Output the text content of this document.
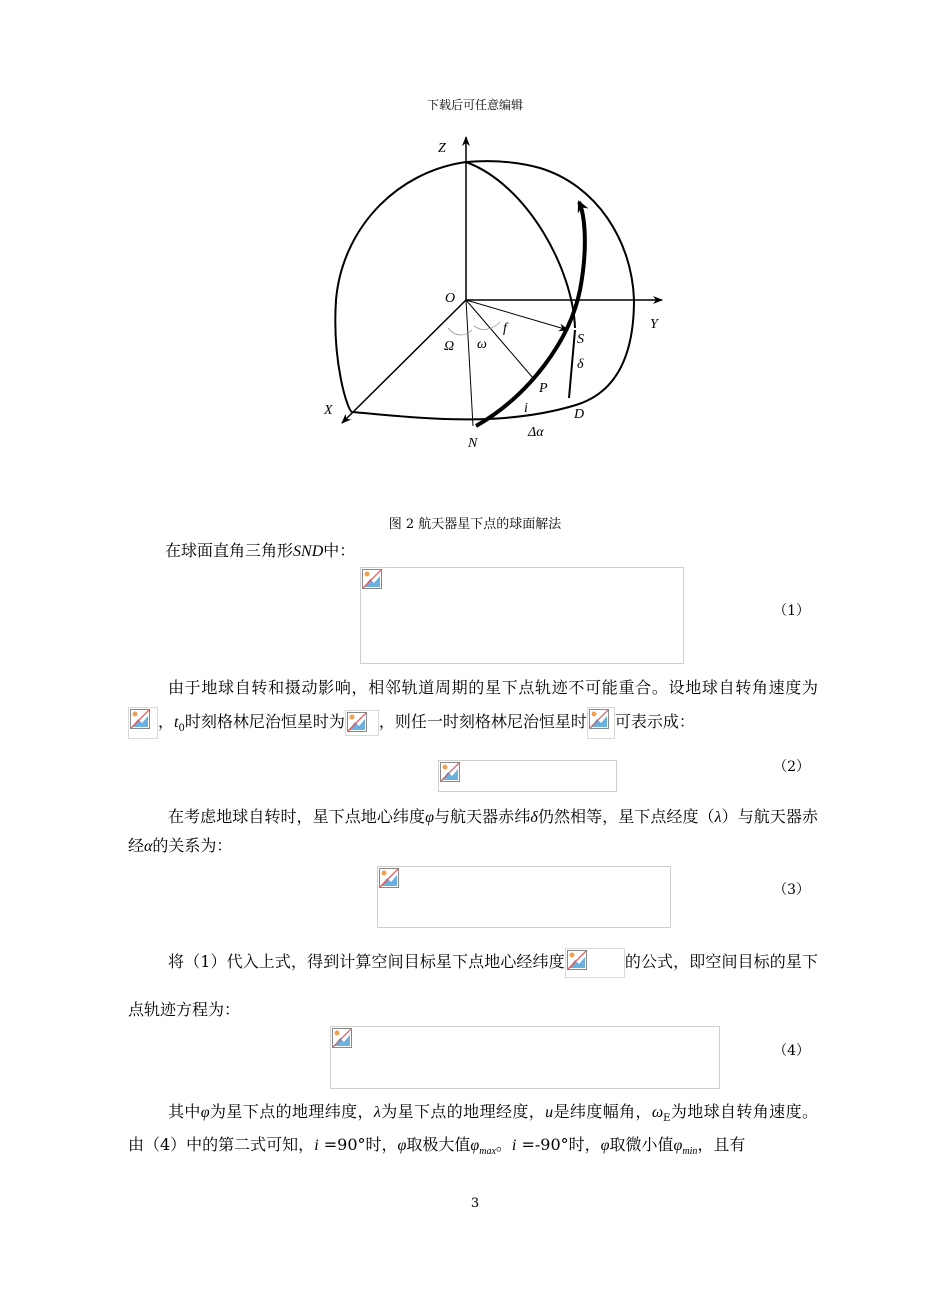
下载后可任意编辑
Z
O
Y
X
f
S
Ω ω
δ
P
i	D
N
Δα
图 2 航天器星下点的球面解法
在球面直角三角形SND中：
（1）
由于地球自转和摄动影响，相邻轨道周期的星下点轨迹不可能重合。设地球自转角速度为
，$t_0$时刻格林尼治恒星时为 ，则任一时刻格林尼治恒星时 可表示成：
（2）
在考虑地球自转时，星下点地心纬度φ与航天器赤纬δ仍然相等，星下点经度（λ）与航天器赤经α的关系为：
（3）
将（1）代入上式，得到计算空间目标星下点地心经纬度	的公式，即空间目标的星下点轨迹方程为：
（4）
其中φ为星下点的地理纬度，λ为星下点的地理经度，u是纬度幅角，$\omega_E$为地球自转角速度。由（4）中的第二式可知，i =90°时，φ取极大值$\varphi_{max}$。i =-90°时，φ取微小值$\varphi_{min}$，且有
3
